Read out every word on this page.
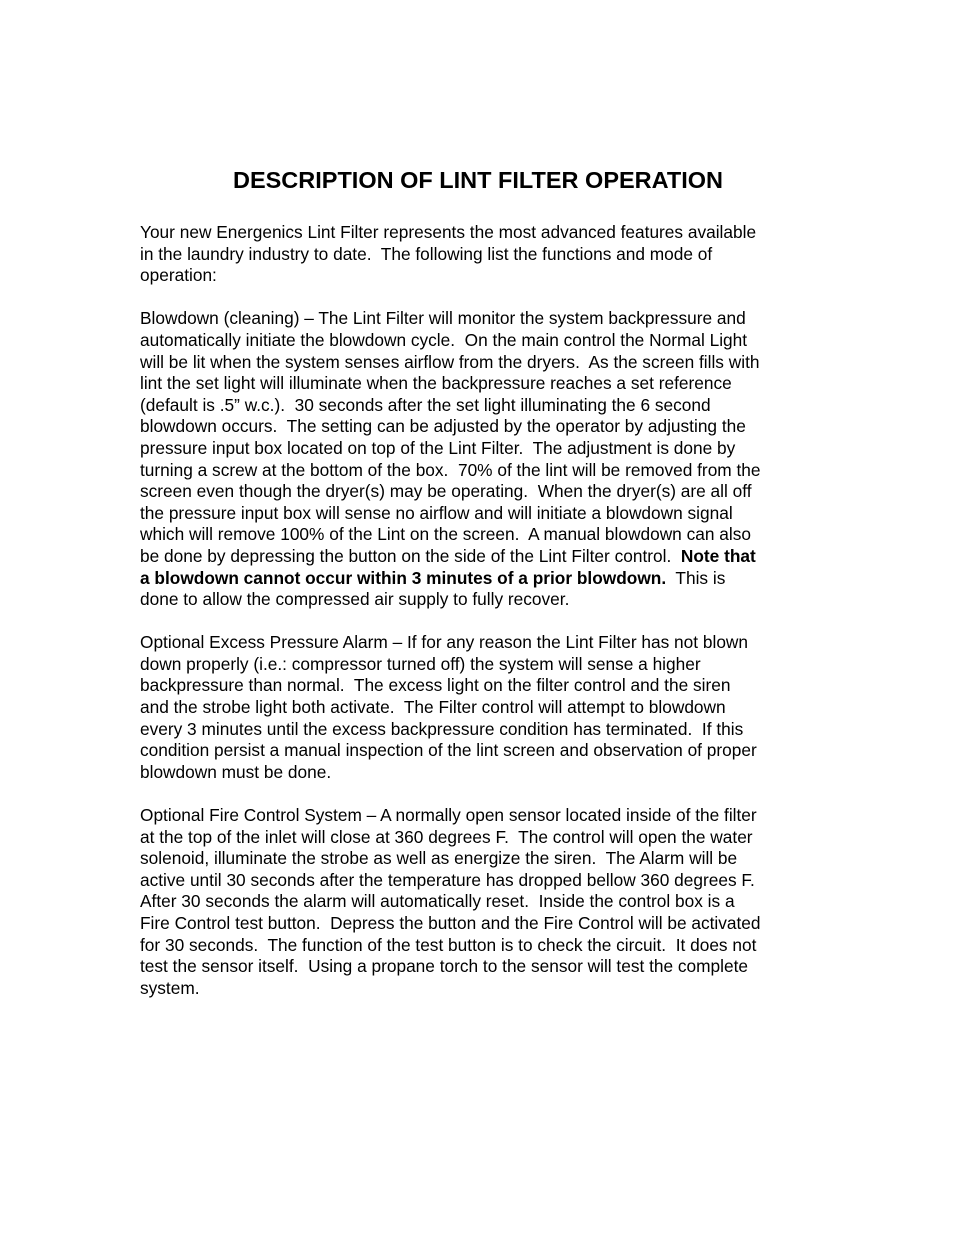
DESCRIPTION OF LINT FILTER OPERATION

Your new Energenics Lint Filter represents the most advanced features available
in the laundry industry to date.  The following list the functions and mode of
operation:

Blowdown (cleaning) – The Lint Filter will monitor the system backpressure and
automatically initiate the blowdown cycle.  On the main control the Normal Light
will be lit when the system senses airflow from the dryers.  As the screen fills with
lint the set light will illuminate when the backpressure reaches a set reference
(default is .5” w.c.).  30 seconds after the set light illuminating the 6 second
blowdown occurs.  The setting can be adjusted by the operator by adjusting the
pressure input box located on top of the Lint Filter.  The adjustment is done by
turning a screw at the bottom of the box.  70% of the lint will be removed from the
screen even though the dryer(s) may be operating.  When the dryer(s) are all off
the pressure input box will sense no airflow and will initiate a blowdown signal
which will remove 100% of the Lint on the screen.  A manual blowdown can also
be done by depressing the button on the side of the Lint Filter control.  Note that
a blowdown cannot occur within 3 minutes of a prior blowdown.  This is
done to allow the compressed air supply to fully recover.

Optional Excess Pressure Alarm – If for any reason the Lint Filter has not blown
down properly (i.e.: compressor turned off) the system will sense a higher
backpressure than normal.  The excess light on the filter control and the siren
and the strobe light both activate.  The Filter control will attempt to blowdown
every 3 minutes until the excess backpressure condition has terminated.  If this
condition persist a manual inspection of the lint screen and observation of proper
blowdown must be done.

Optional Fire Control System – A normally open sensor located inside of the filter
at the top of the inlet will close at 360 degrees F.  The control will open the water
solenoid, illuminate the strobe as well as energize the siren.  The Alarm will be
active until 30 seconds after the temperature has dropped bellow 360 degrees F.
After 30 seconds the alarm will automatically reset.  Inside the control box is a
Fire Control test button.  Depress the button and the Fire Control will be activated
for 30 seconds.  The function of the test button is to check the circuit.  It does not
test the sensor itself.  Using a propane torch to the sensor will test the complete
system.
